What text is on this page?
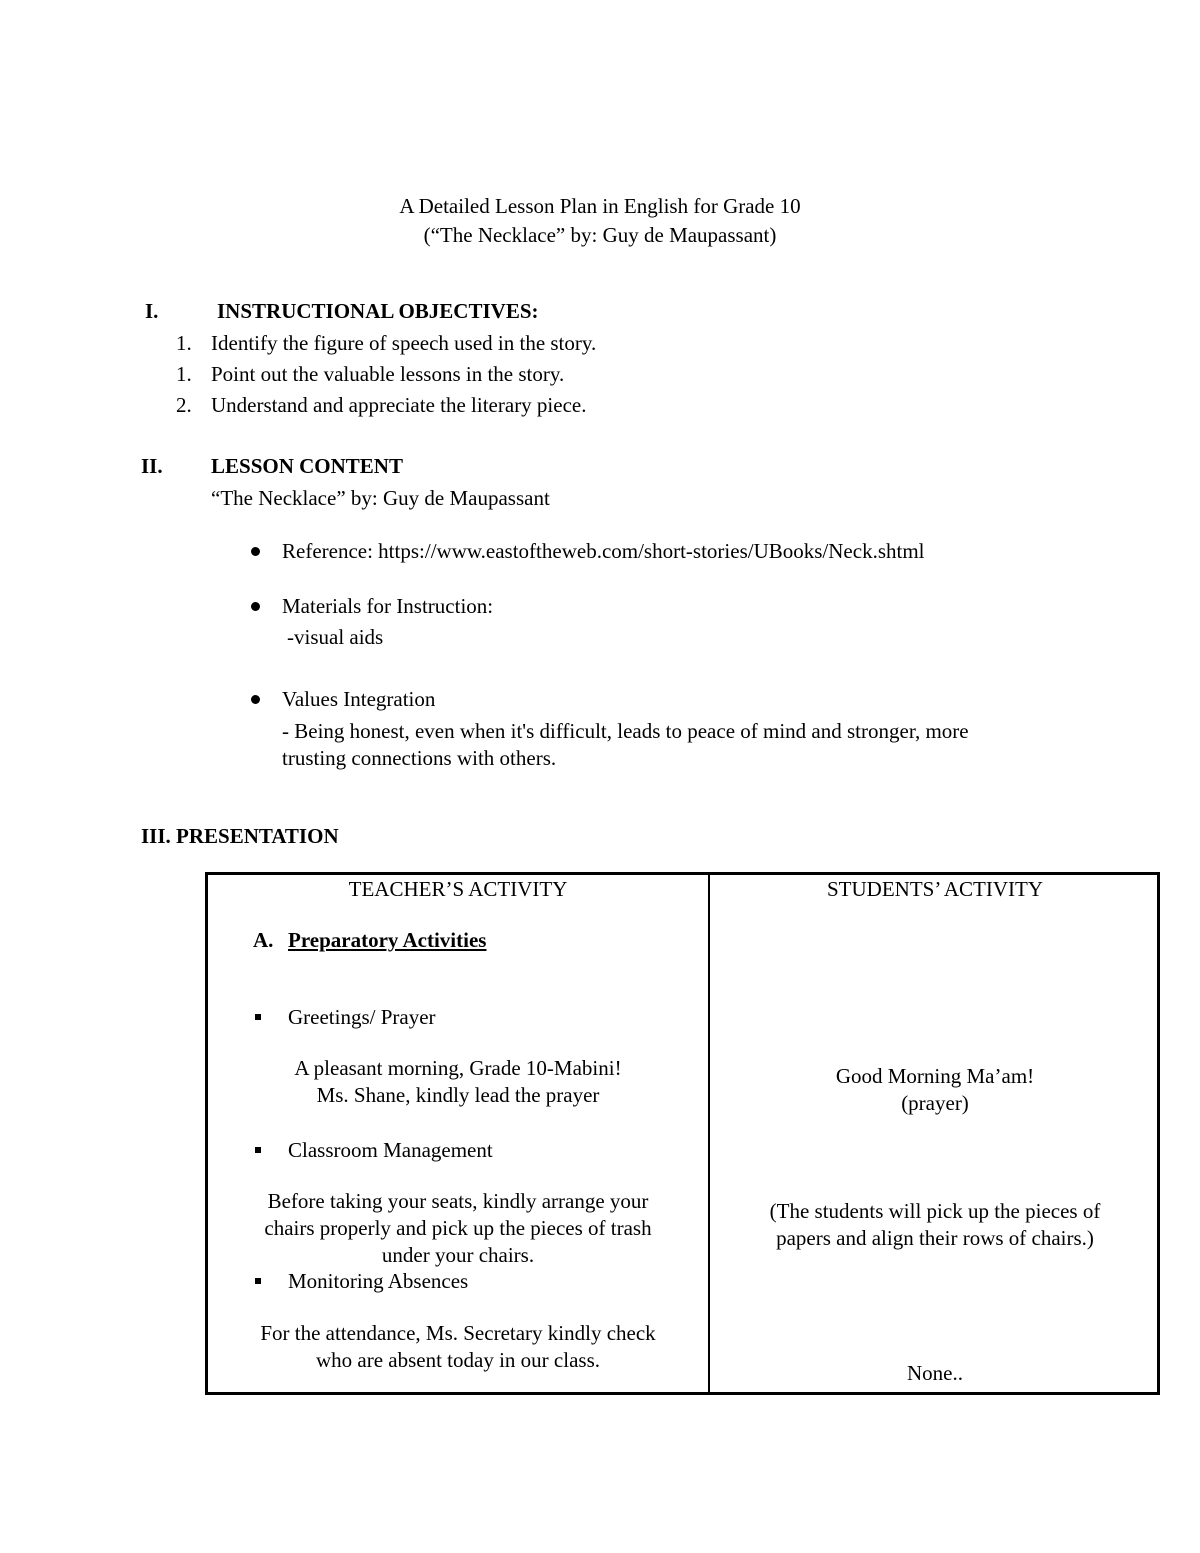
A Detailed Lesson Plan in English for Grade 10
(“The Necklace” by: Guy de Maupassant)
I.	INSTRUCTIONAL OBJECTIVES:
1. Identify the figure of speech used in the story.
1. Point out the valuable lessons in the story.
2. Understand and appreciate the literary piece.
II. LESSON CONTENT
“The Necklace” by: Guy de Maupassant
Reference: https://www.eastoftheweb.com/short-stories/UBooks/Neck.shtml
Materials for Instruction:
-visual aids
Values Integration
- Being honest, even when it's difficult, leads to peace of mind and stronger, more
trusting connections with others.
III. PRESENTATION
TEACHER’S ACTIVITY	STUDENTS’ ACTIVITY
A. Preparatory Activities
Greetings/ Prayer
A pleasant morning, Grade 10-Mabini!
Ms. Shane, kindly lead the prayer
Good Morning Ma’am!
(prayer)
Classroom Management
Before taking your seats, kindly arrange your
chairs properly and pick up the pieces of trash
under your chairs.
(The students will pick up the pieces of
papers and align their rows of chairs.)
Monitoring Absences
For the attendance, Ms. Secretary kindly check
who are absent today in our class.
None..
